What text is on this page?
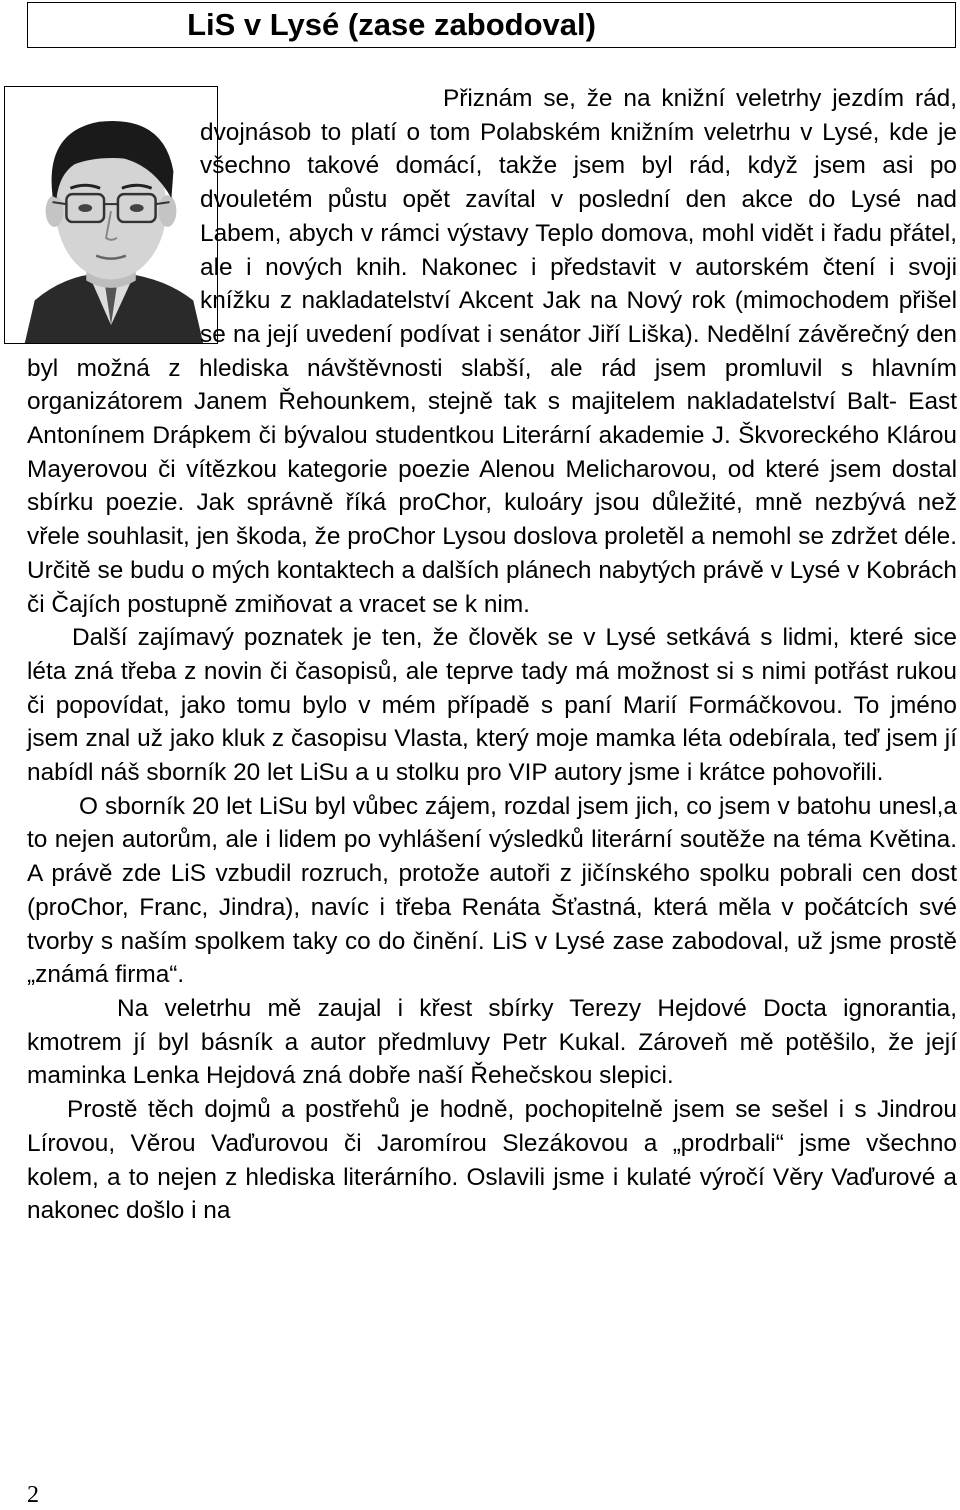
LiS v Lysé (zase zabodoval)

Přiznám se, že na knižní veletrhy jezdím rád, dvojnásob to platí o tom Polabském knižním veletrhu v Lysé, kde je všechno takové domácí, takže jsem byl rád, když jsem asi po dvouletém půstu opět zavítal v poslední den akce do Lysé nad Labem, abych v rámci výstavy Teplo domova, mohl vidět i řadu přátel, ale i nových knih. Nakonec i představit v autorském čtení i svoji knížku z nakladatelství Akcent Jak na Nový rok (mimochodem přišel se na její uvedení podívat i senátor Jiří Liška). Nedělní závěrečný den byl možná z hlediska návštěvnosti slabší, ale rád jsem promluvil s hlavním organizátorem Janem Řehounkem, stejně tak s majitelem nakladatelství Balt- East Antonínem Drápkem či bývalou studentkou Literární akademie J. Škvoreckého Klárou Mayerovou či vítězkou kategorie poezie Alenou Melicharovou, od které jsem dostal sbírku poezie. Jak správně říká proChor, kuloáry jsou důležité, mně nezbývá než vřele souhlasit, jen škoda, že proChor Lysou doslova proletěl a nemohl se zdržet déle. Určitě se budu o mých kontaktech a dalších plánech nabytých právě v Lysé v Kobrách či Čajích postupně zmiňovat a vracet se k nim.

Další zajímavý poznatek je ten, že člověk se v Lysé setkává s lidmi, které sice léta zná třeba z novin či časopisů, ale teprve tady má možnost si s nimi potřást rukou či popovídat, jako tomu bylo v mém případě s paní Marií Formáčkovou. To jméno jsem znal už jako kluk z časopisu Vlasta, který moje mamka léta odebírala, teď jsem jí nabídl náš sborník 20 let LiSu a u stolku pro VIP autory jsme i krátce pohovořili.

O sborník 20 let LiSu byl vůbec zájem, rozdal jsem jich, co jsem v batohu unesl,a to nejen autorům, ale i lidem po vyhlášení výsledků literární soutěže na téma Květina. A právě zde LiS vzbudil rozruch, protože autoři z jičínského spolku pobrali cen dost (proChor, Franc, Jindra), navíc i třeba Renáta Šťastná, která měla v počátcích své tvorby s naším spolkem taky co do činění. LiS v Lysé zase zabodoval, už jsme prostě „známá firma“.

Na veletrhu mě zaujal i křest sbírky Terezy Hejdové Docta ignorantia, kmotrem jí byl básník a autor předmluvy Petr Kukal. Zároveň mě potěšilo, že její maminka Lenka Hejdová zná dobře naší Řehečskou slepici.

Prostě těch dojmů a postřehů je hodně, pochopitelně jsem se sešel i s Jindrou Lírovou, Věrou Vaďurovou či Jaromírou Slezákovou a „prodrbali“ jsme všechno kolem, a to nejen z hlediska literárního. Oslavili jsme i kulaté výročí Věry Vaďurové a nakonec došlo i na

2
